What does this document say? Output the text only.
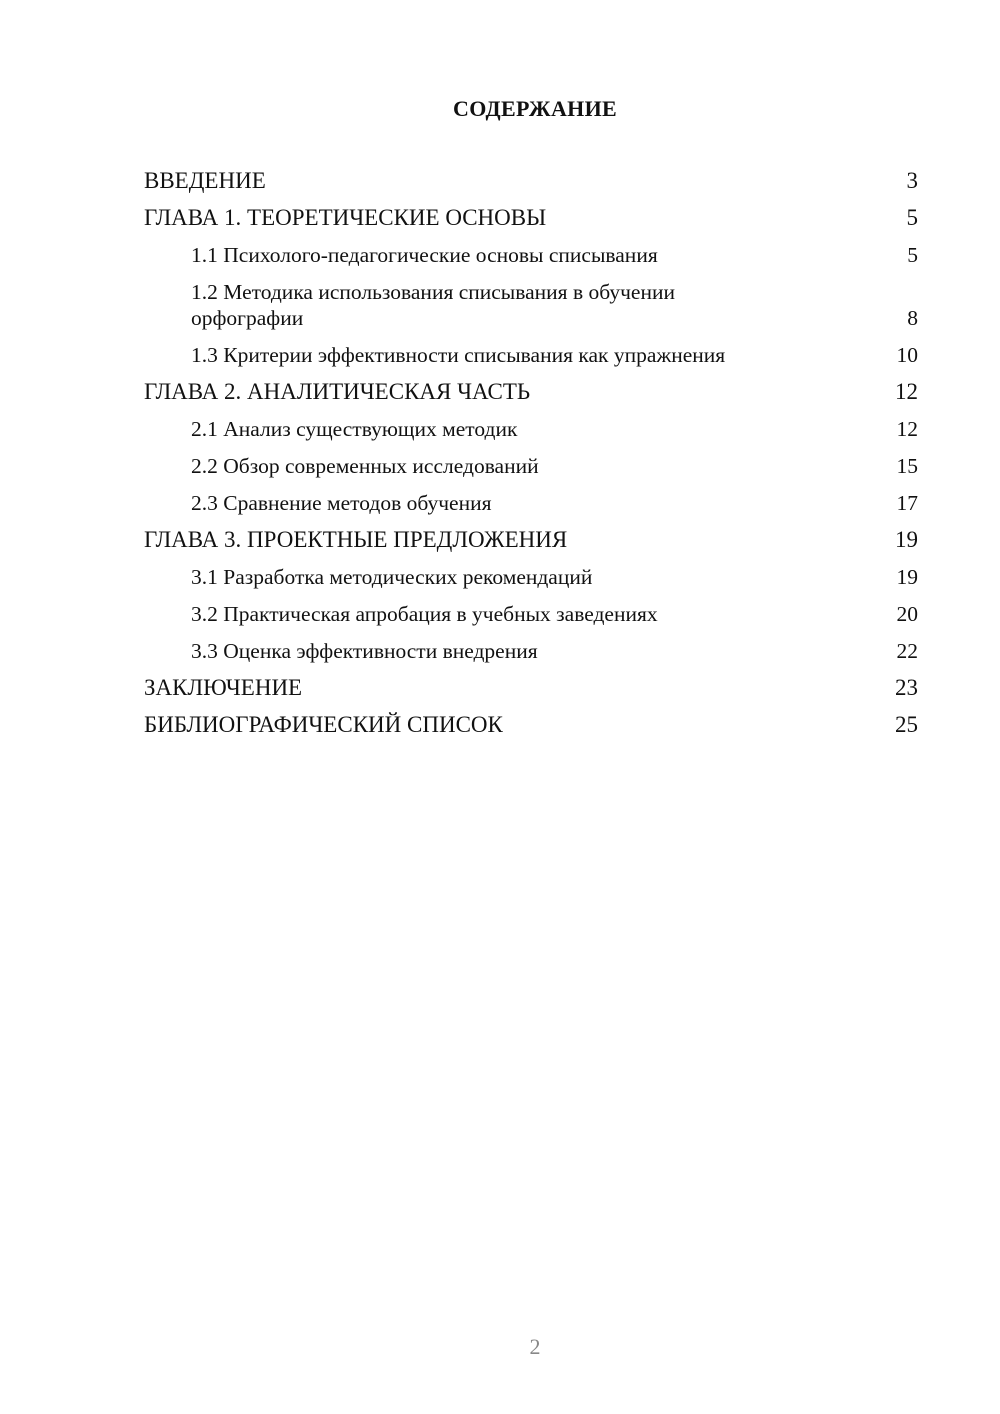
СОДЕРЖАНИЕ
ВВЕДЕНИЕ	3
ГЛАВА 1. ТЕОРЕТИЧЕСКИЕ ОСНОВЫ	5
1.1 Психолого-педагогические основы списывания	5
1.2 Методика использования списывания в обучении орфографии	8
1.3 Критерии эффективности списывания как упражнения	10
ГЛАВА 2. АНАЛИТИЧЕСКАЯ ЧАСТЬ	12
2.1 Анализ существующих методик	12
2.2 Обзор современных исследований	15
2.3 Сравнение методов обучения	17
ГЛАВА 3. ПРОЕКТНЫЕ ПРЕДЛОЖЕНИЯ	19
3.1 Разработка методических рекомендаций	19
3.2 Практическая апробация в учебных заведениях	20
3.3 Оценка эффективности внедрения	22
ЗАКЛЮЧЕНИЕ	23
БИБЛИОГРАФИЧЕСКИЙ СПИСОК	25
2
